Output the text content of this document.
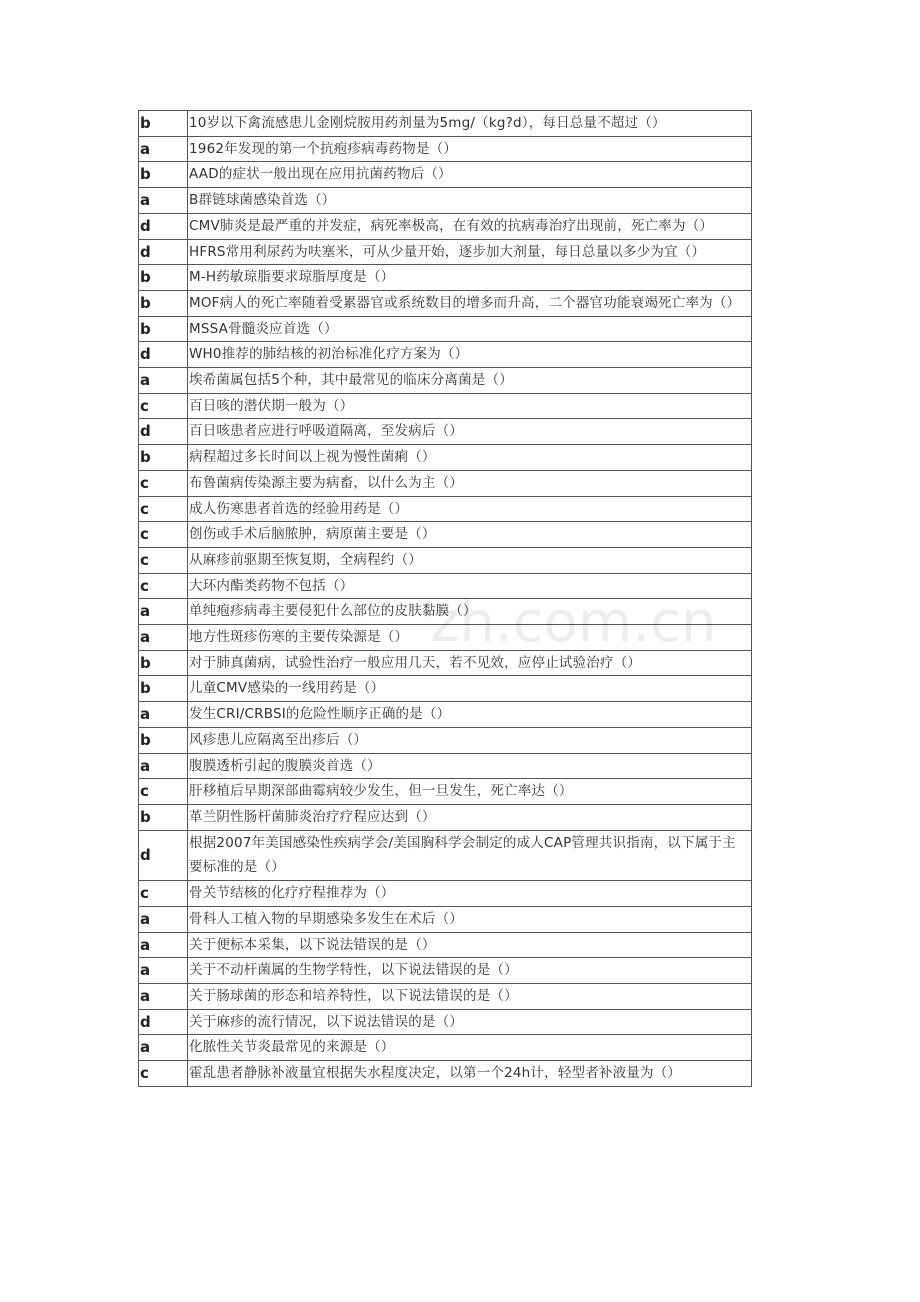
b	10岁以下禽流感患儿金刚烷胺用药剂量为5mg/（kg?d），每日总量不超过（）
a	1962年发现的第一个抗疱疹病毒药物是（）
b	AAD的症状一般出现在应用抗菌药物后（）
a	B群链球菌感染首选（）
d	CMV肺炎是最严重的并发症，病死率极高，在有效的抗病毒治疗出现前，死亡率为（）
d	HFRS常用利尿药为呋塞米，可从少量开始，逐步加大剂量，每日总量以多少为宜（）
b	M-H药敏琼脂要求琼脂厚度是（）
b	MOF病人的死亡率随着受累器官或系统数目的增多而升高，二个器官功能衰竭死亡率为（）
b	MSSA骨髓炎应首选（）
d	WH0推荐的肺结核的初治标准化疗方案为（）
a	埃希菌属包括5个种，其中最常见的临床分离菌是（）
c	百日咳的潜伏期一般为（）
d	百日咳患者应进行呼吸道隔离，至发病后（）
b	病程超过多长时间以上视为慢性菌痢（）
c	布鲁菌病传染源主要为病畜，以什么为主（）
c	成人伤寒患者首选的经验用药是（）
c	创伤或手术后脑脓肿，病原菌主要是（）
c	从麻疹前驱期至恢复期，全病程约（）
c	大环内酯类药物不包括（）
a	单纯疱疹病毒主要侵犯什么部位的皮肤黏膜（）
a	地方性斑疹伤寒的主要传染源是（）
b	对于肺真菌病，试验性治疗一般应用几天，若不见效，应停止试验治疗（）
b	儿童CMV感染的一线用药是（）
a	发生CRI/CRBSI的危险性顺序正确的是（）
b	风疹患儿应隔离至出疹后（）
a	腹膜透析引起的腹膜炎首选（）
c	肝移植后早期深部曲霉病较少发生，但一旦发生，死亡率达（）
b	革兰阴性肠杆菌肺炎治疗疗程应达到（）
d	根据2007年美国感染性疾病学会/美国胸科学会制定的成人CAP管理共识指南，以下属于主要标准的是（）
c	骨关节结核的化疗疗程推荐为（）
a	骨科人工植入物的早期感染多发生在术后（）
a	关于便标本采集，以下说法错误的是（）
a	关于不动杆菌属的生物学特性，以下说法错误的是（）
a	关于肠球菌的形态和培养特性，以下说法错误的是（）
d	关于麻疹的流行情况，以下说法错误的是（）
a	化脓性关节炎最常见的来源是（）
c	霍乱患者静脉补液量宜根据失水程度决定，以第一个24h计，轻型者补液量为（）
zh.com.cn
